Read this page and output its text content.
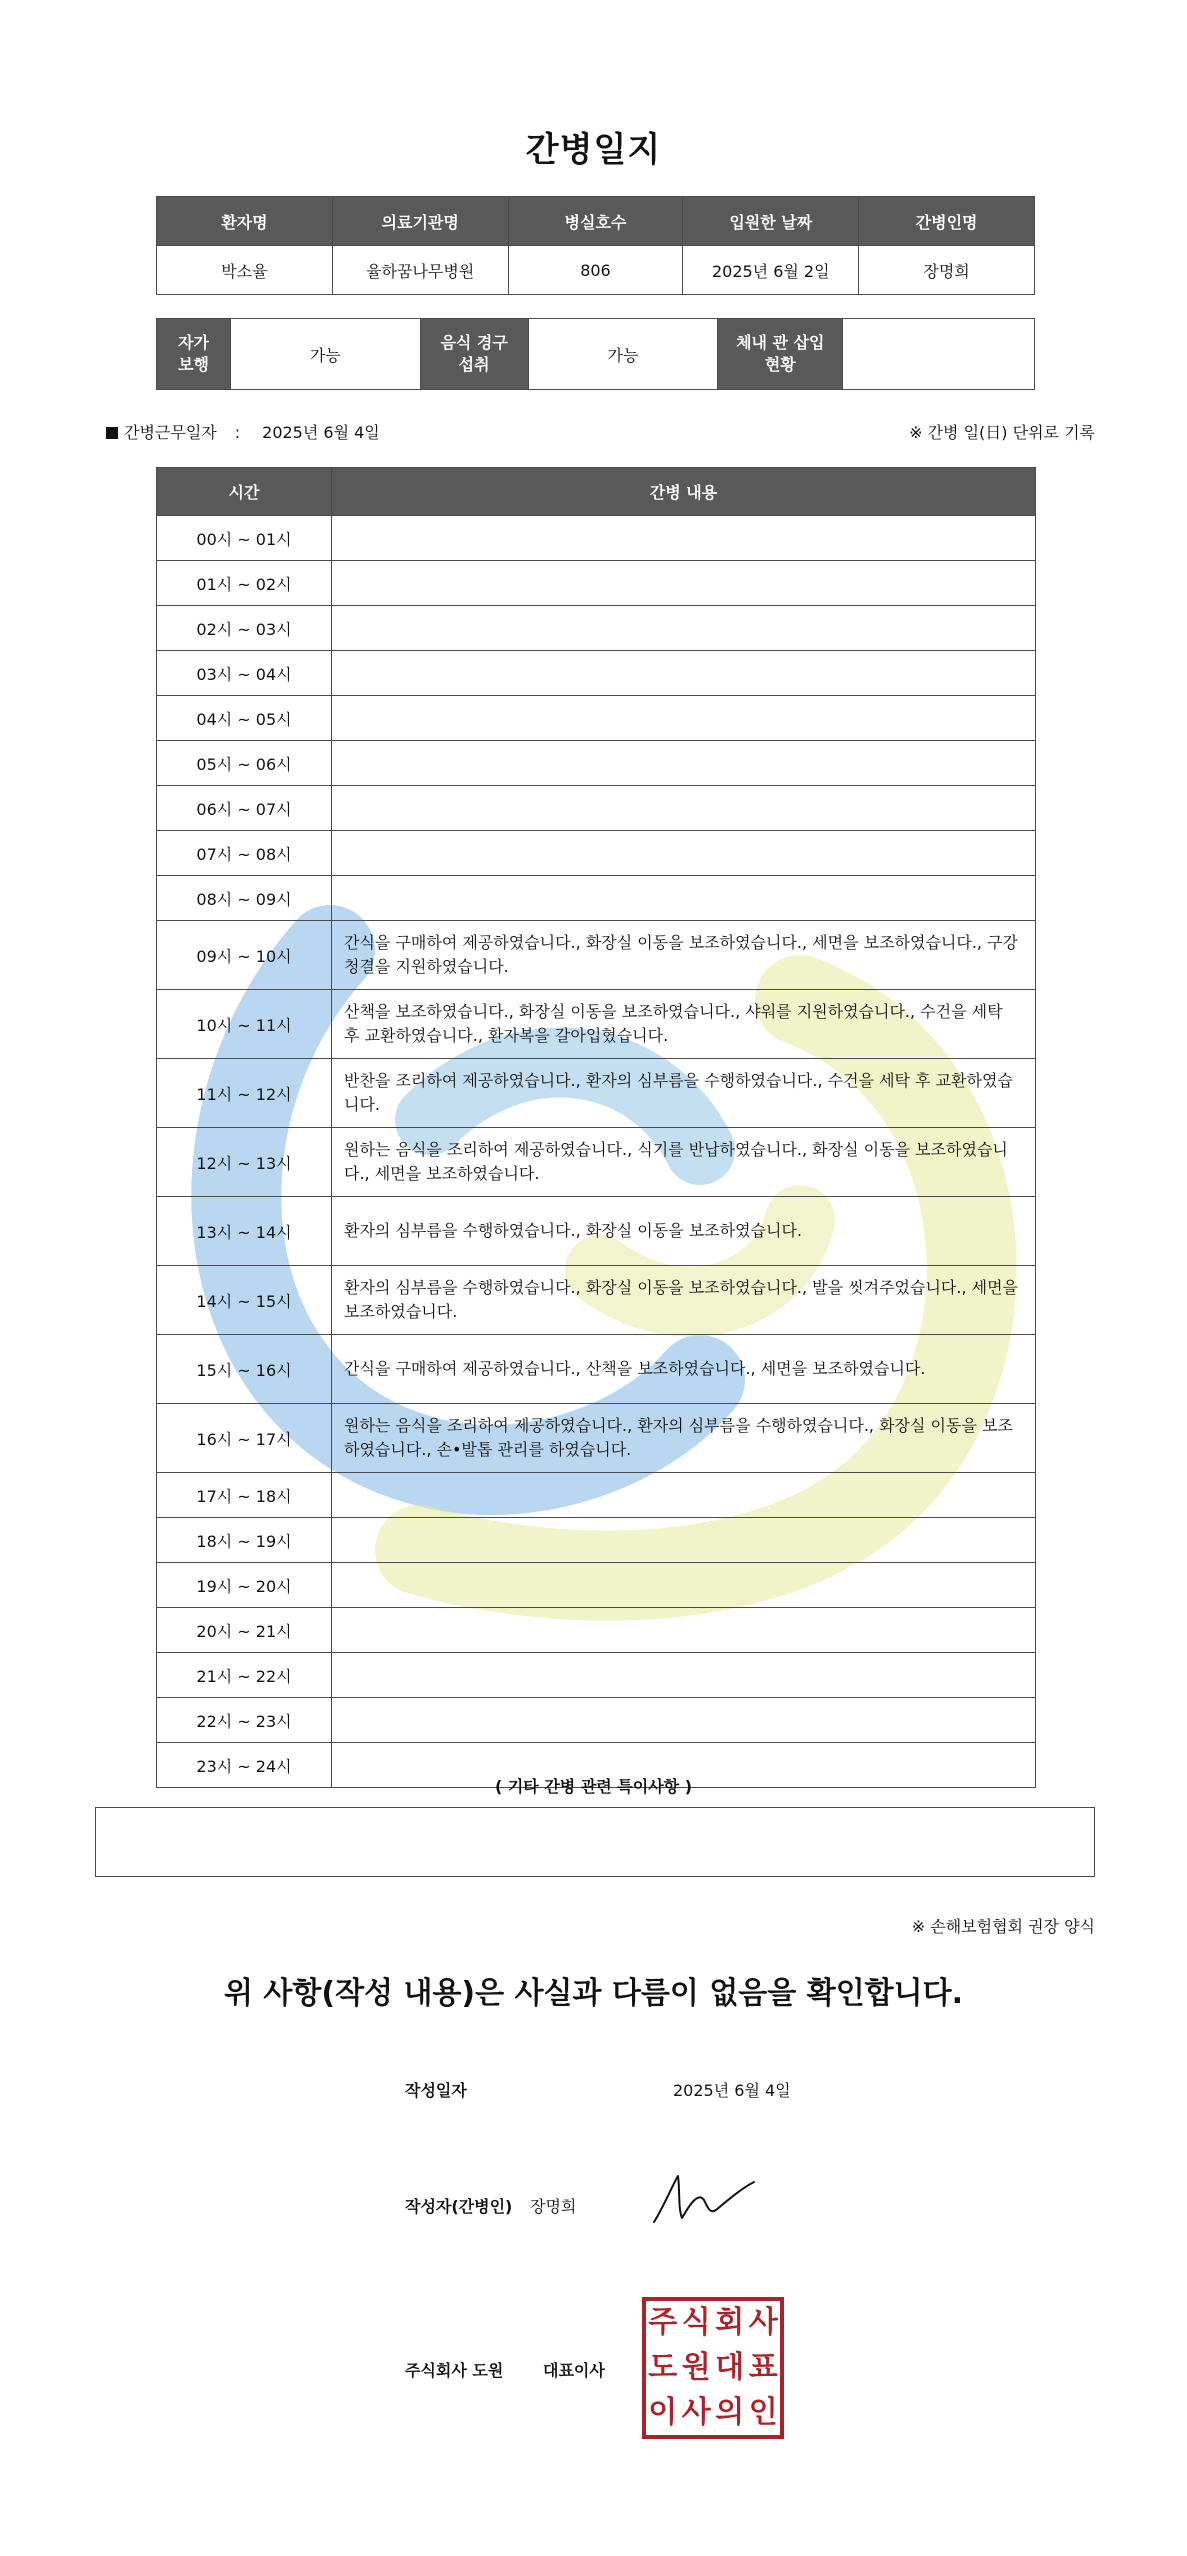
간병일지
환자명	의료기관명	병실호수	입원한 날짜	간병인명
박소율	율하꿈나무병원	806	2025년 6월 2일	장명희
자가보행	가능	음식 경구섭취	가능	체내 관 삽입현황	
간병근무일자 : 2025년 6월 4일	※ 간병 일(日) 단위로 기록
시간	간병 내용
00시 ~ 01시	
01시 ~ 02시	
02시 ~ 03시	
03시 ~ 04시	
04시 ~ 05시	
05시 ~ 06시	
06시 ~ 07시	
07시 ~ 08시	
08시 ~ 09시	
09시 ~ 10시	간식을 구매하여 제공하였습니다., 화장실 이동을 보조하였습니다., 세면을 보조하였습니다., 구강청결을 지원하였습니다.
10시 ~ 11시	산책을 보조하였습니다., 화장실 이동을 보조하였습니다., 샤워를 지원하였습니다., 수건을 세탁 후 교환하였습니다., 환자복을 갈아입혔습니다.
11시 ~ 12시	반찬을 조리하여 제공하였습니다., 환자의 심부름을 수행하였습니다., 수건을 세탁 후 교환하였습니다.
12시 ~ 13시	원하는 음식을 조리하여 제공하였습니다., 식기를 반납하였습니다., 화장실 이동을 보조하였습니다., 세면을 보조하였습니다.
13시 ~ 14시	환자의 심부름을 수행하였습니다., 화장실 이동을 보조하였습니다.
14시 ~ 15시	환자의 심부름을 수행하였습니다., 화장실 이동을 보조하였습니다., 발을 씻겨주었습니다., 세면을 보조하였습니다.
15시 ~ 16시	간식을 구매하여 제공하였습니다., 산책을 보조하였습니다., 세면을 보조하였습니다.
16시 ~ 17시	원하는 음식을 조리하여 제공하였습니다., 환자의 심부름을 수행하였습니다., 화장실 이동을 보조하였습니다., 손•발톱 관리를 하였습니다.
17시 ~ 18시	
18시 ~ 19시	
19시 ~ 20시	
20시 ~ 21시	
21시 ~ 22시	
22시 ~ 23시	
23시 ~ 24시	
( 기타 간병 관련 특이사항 )
※ 손해보험협회 권장 양식
위 사항(작성 내용)은 사실과 다름이 없음을 확인합니다.
작성일자	2025년 6월 4일
작성자(간병인) 장명희
주식회사 도원 대표이사
주 식 회 사
도 원 대 표
이 사 의 인
